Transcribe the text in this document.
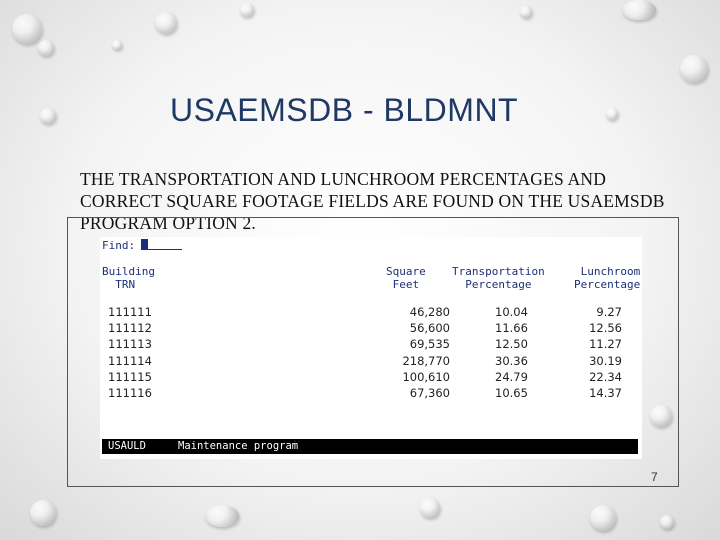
USAEMSDB - BLDMNT
THE TRANSPORTATION AND LUNCHROOM PERCENTAGES AND CORRECT SQUARE FOOTAGE FIELDS ARE FOUND ON THE USAEMSDB PROGRAM OPTION 2.
Find:
Building
TRN
Square
Feet
Transportation
Percentage
Lunchroom
Percentage
111111
111112
111113
111114
111115
111116
46,280
56,600
69,535
218,770
100,610
67,360
10.04
11.66
12.50
30.36
24.79
10.65
9.27
12.56
11.27
30.19
22.34
14.37
USAULD	Maintenance program
7
